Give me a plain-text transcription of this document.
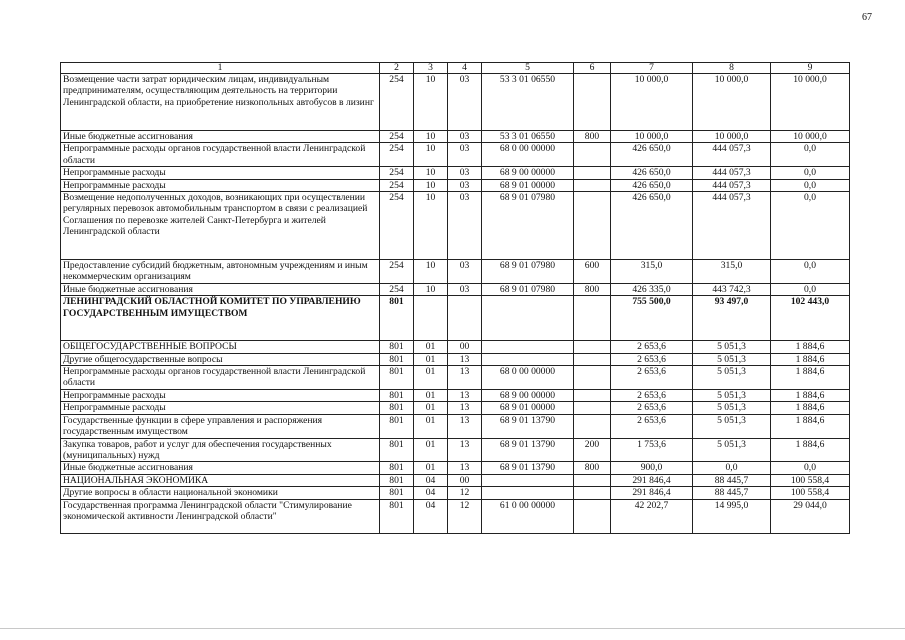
67
1	2	3	4	5	6	7	8	9
Возмещение части затрат юридическим лицам, индивидуальным предпринимателям, осуществляющим деятельность на территории Ленинградской области, на приобретение низкопольных автобусов в лизинг	254	10	03	53 3 01 06550		10 000,0	10 000,0	10 000,0
Иные бюджетные ассигнования	254	10	03	53 3 01 06550	800	10 000,0	10 000,0	10 000,0
Непрограммные расходы органов государственной власти Ленинградской области	254	10	03	68 0 00 00000		426 650,0	444 057,3	0,0
Непрограммные расходы	254	10	03	68 9 00 00000		426 650,0	444 057,3	0,0
Непрограммные расходы	254	10	03	68 9 01 00000		426 650,0	444 057,3	0,0
Возмещение недополученных доходов, возникающих при осуществлении регулярных перевозок автомобильным транспортом в связи с реализацией Соглашения по перевозке жителей Санкт-Петербурга и жителей Ленинградской области	254	10	03	68 9 01 07980		426 650,0	444 057,3	0,0
Предоставление субсидий бюджетным, автономным учреждениям и иным некоммерческим организациям	254	10	03	68 9 01 07980	600	315,0	315,0	0,0
Иные бюджетные ассигнования	254	10	03	68 9 01 07980	800	426 335,0	443 742,3	0,0
ЛЕНИНГРАДСКИЙ ОБЛАСТНОЙ КОМИТЕТ ПО УПРАВЛЕНИЮ ГОСУДАРСТВЕННЫМ ИМУЩЕСТВОМ	801					755 500,0	93 497,0	102 443,0
ОБЩЕГОСУДАРСТВЕННЫЕ ВОПРОСЫ	801	01	00			2 653,6	5 051,3	1 884,6
Другие общегосударственные вопросы	801	01	13			2 653,6	5 051,3	1 884,6
Непрограммные расходы органов государственной власти Ленинградской области	801	01	13	68 0 00 00000		2 653,6	5 051,3	1 884,6
Непрограммные расходы	801	01	13	68 9 00 00000		2 653,6	5 051,3	1 884,6
Непрограммные расходы	801	01	13	68 9 01 00000		2 653,6	5 051,3	1 884,6
Государственные функции в сфере управления и распоряжения государственным имуществом	801	01	13	68 9 01 13790		2 653,6	5 051,3	1 884,6
Закупка товаров, работ и услуг для обеспечения государственных (муниципальных) нужд	801	01	13	68 9 01 13790	200	1 753,6	5 051,3	1 884,6
Иные бюджетные ассигнования	801	01	13	68 9 01 13790	800	900,0	0,0	0,0
НАЦИОНАЛЬНАЯ ЭКОНОМИКА	801	04	00			291 846,4	88 445,7	100 558,4
Другие вопросы в области национальной экономики	801	04	12			291 846,4	88 445,7	100 558,4
Государственная программа Ленинградской области "Стимулирование экономической активности Ленинградской области"	801	04	12	61 0 00 00000		42 202,7	14 995,0	29 044,0
